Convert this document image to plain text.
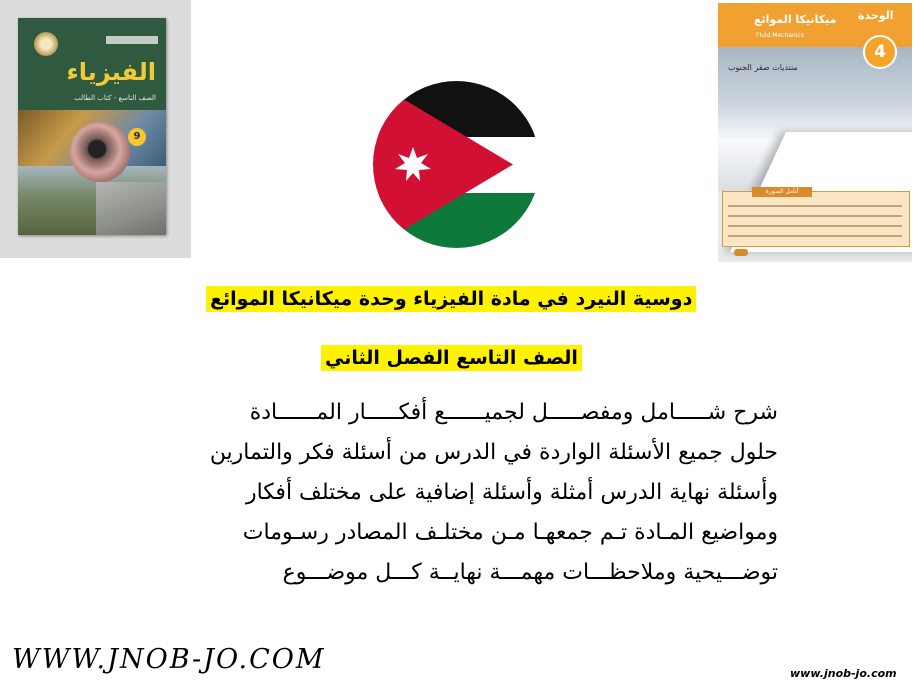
الفيزياء
الصف التاسع - كتاب الطالب
9
ميكانيكا الموائع
Fluid Mechanics
الوحدة
4
منتديات صقر الجنوب
أتأمل الصورة
دوسية النيرد في مادة الفيزياء وحدة ميكانيكا الموائع
الصف التاسع الفصل الثاني
شرح شـــــامل ومفصـــــل لجميــــــع أفكـــــار المــــــادة
حلول جميع الأسئلة الواردة في الدرس من أسئلة فكر والتمارين
وأسئلة نهاية الدرس أمثلة وأسئلة إضافية على مختلف أفكار
ومواضيع المـادة تـم جمعهـا مـن مختلـف المصادر رسـومات
توضـــيحية وملاحظـــات مهمـــة نهايــة كـــل موضـــوع
WWW.JNOB-JO.COM	www.jnob-jo.com
